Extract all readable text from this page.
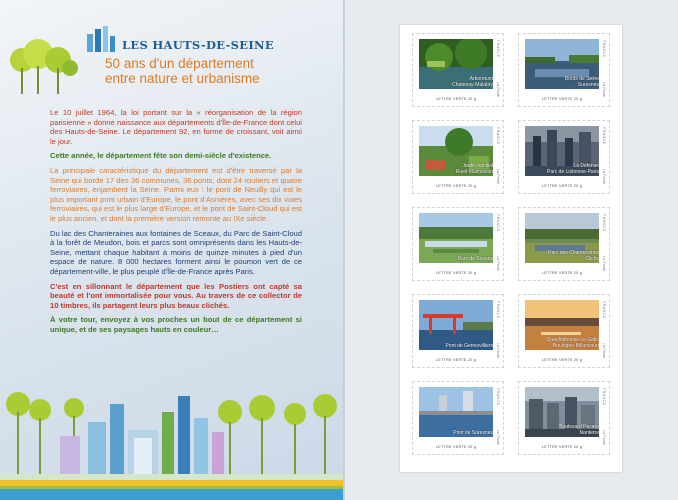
LES HAUTS-DE-SEINE
50 ans d'un département
entre nature et urbanisme

Le 10 juillet 1964, la loi portant sur la « réorganisation de la région parisienne » donne naissance aux départements d'Île-de-France dont celui des Hauts-de-Seine. Le département 92, en forme de croissant, voit ainsi le jour.

Cette année, le département fête son demi-siècle d'existence.

La principale caractéristique du département est d'être traversé par la Seine qui borde 17 des 36 communes. 36 ponts, dont 24 routiers et quatre ferroviaires, enjambent la Seine. Parmi eux : le pont de Neuilly qui est le plus important pont urbain d'Europe, le pont d'Asnières, avec ses dix voies ferroviaires, qui est le plus large d'Europe, et le pont de Saint-Cloud qui est le plus ancien, et dont la première version remonte au IXe siècle.

Du lac des Chanteraines aux fontaines de Sceaux, du Parc de Saint-Cloud à la forêt de Meudon, bois et parcs sont omniprésents dans les Hauts-de-Seine, mettant chaque habitant à moins de quinze minutes à pied d'un espace de nature. 8 000 hectares forment ainsi le poumon vert de ce département-ville, le plus peuplé d'Île-de-France après Paris.

C'est en sillonnant le département que les Postiers ont capté sa beauté et l'ont immortalisée pour vous. Au travers de ce collector de 10 timbres, ils partagent leurs plus beaux clichés.

À votre tour, envoyez à vos proches un bout de ce département si unique, et de ses paysages hauts en couleur…

Arboretum
Chatenay-Malabry
LETTRE VERTE 20 g
FRANCE
La Poste
Bords de Seine
Suresnes
LETTRE VERTE 20 g
FRANCE
La Poste
Jardin familial
Rueil-Malmaison
LETTRE VERTE 20 g
FRANCE
La Poste
La Défense
Parc de Lisbonne-Paris
LETTRE VERTE 20 g
FRANCE
La Poste
Parc de Sceaux
LETTRE VERTE 20 g
FRANCE
La Poste
Parc des Chanteraines
Clichy
LETTRE VERTE 20 g
FRANCE
La Poste
Pont de Gennevilliers
LETTRE VERTE 20 g
FRANCE
La Poste
Quai Alphonse Le Gallo
Boulogne-Billancourt
LETTRE VERTE 20 g
FRANCE
La Poste
Pont de Suresnes
LETTRE VERTE 20 g
FRANCE
La Poste
Boulevard Pesaro
Nanterre
LETTRE VERTE 20 g
FRANCE
La Poste
